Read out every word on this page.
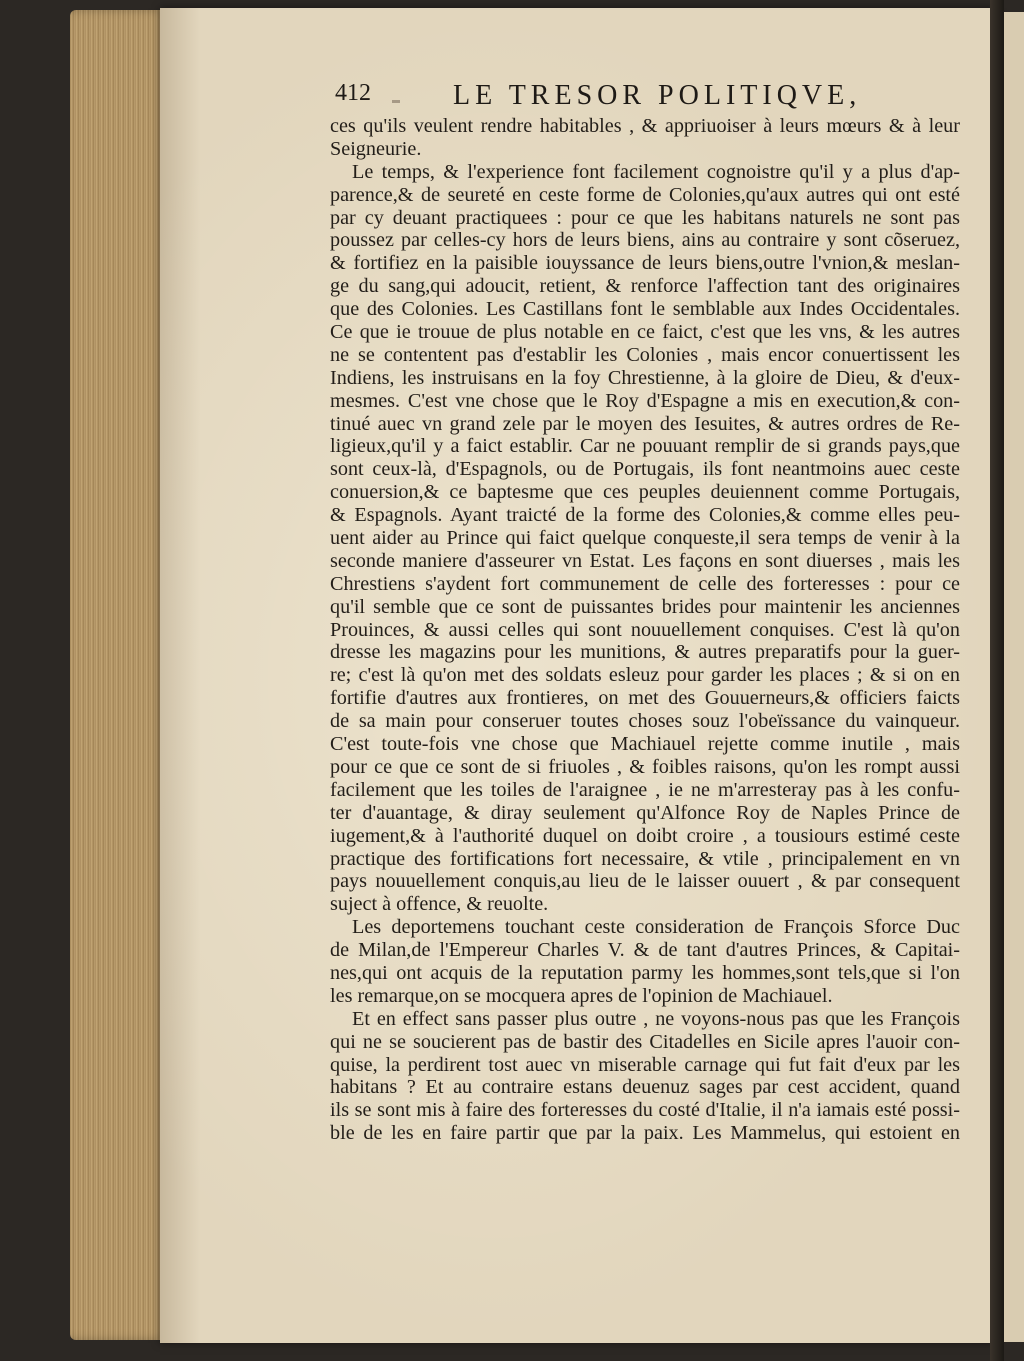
412	LE TRESOR POLITIQVE,
ces qu'ils veulent rendre habitables , & appriuoiser à leurs mœurs & à leur
Seigneurie.
Le temps, & l'experience font facilement cognoistre qu'il y a plus d'ap-
parence,& de seureté en ceste forme de Colonies,qu'aux autres qui ont esté
par cy deuant practiquees : pour ce que les habitans naturels ne sont pas
poussez par celles-cy hors de leurs biens, ains au contraire y sont cõseruez,
& fortifiez en la paisible iouyssance de leurs biens,outre l'vnion,& meslan-
ge du sang,qui adoucit, retient, & renforce l'affection tant des originaires
que des Colonies. Les Castillans font le semblable aux Indes Occidentales.
Ce que ie trouue de plus notable en ce faict, c'est que les vns, & les autres
ne se contentent pas d'establir les Colonies , mais encor conuertissent les
Indiens, les instruisans en la foy Chrestienne, à la gloire de Dieu, & d'eux-
mesmes. C'est vne chose que le Roy d'Espagne a mis en execution,& con-
tinué auec vn grand zele par le moyen des Iesuites, & autres ordres de Re-
ligieux,qu'il y a faict establir. Car ne pouuant remplir de si grands pays,que
sont ceux-là, d'Espagnols, ou de Portugais, ils font neantmoins auec ceste
conuersion,& ce baptesme que ces peuples deuiennent comme Portugais,
& Espagnols. Ayant traicté de la forme des Colonies,& comme elles peu-
uent aider au Prince qui faict quelque conqueste,il sera temps de venir à la
seconde maniere d'asseurer vn Estat. Les façons en sont diuerses , mais les
Chrestiens s'aydent fort communement de celle des forteresses : pour ce
qu'il semble que ce sont de puissantes brides pour maintenir les anciennes
Prouinces, & aussi celles qui sont nouuellement conquises. C'est là qu'on
dresse les magazins pour les munitions, & autres preparatifs pour la guer-
re; c'est là qu'on met des soldats esleuz pour garder les places ; & si on en
fortifie d'autres aux frontieres, on met des Gouuerneurs,& officiers faicts
de sa main pour conseruer toutes choses souz l'obeïssance du vainqueur.
C'est toute-fois vne chose que Machiauel rejette comme inutile , mais
pour ce que ce sont de si friuoles , & foibles raisons, qu'on les rompt aussi
facilement que les toiles de l'araignee , ie ne m'arresteray pas à les confu-
ter d'auantage, & diray seulement qu'Alfonce Roy de Naples Prince de
iugement,& à l'authorité duquel on doibt croire , a tousiours estimé ceste
practique des fortifications fort necessaire, & vtile , principalement en vn
pays nouuellement conquis,au lieu de le laisser ouuert , & par consequent
suject à offence, & reuolte.
Les deportemens touchant ceste consideration de François Sforce Duc
de Milan,de l'Empereur Charles V. & de tant d'autres Princes, & Capitai-
nes,qui ont acquis de la reputation parmy les hommes,sont tels,que si l'on
les remarque,on se mocquera apres de l'opinion de Machiauel.
Et en effect sans passer plus outre , ne voyons-nous pas que les François
qui ne se soucierent pas de bastir des Citadelles en Sicile apres l'auoir con-
quise, la perdirent tost auec vn miserable carnage qui fut fait d'eux par les
habitans ? Et au contraire estans deuenuz sages par cest accident, quand
ils se sont mis à faire des forteresses du costé d'Italie, il n'a iamais esté possi-
ble de les en faire partir que par la paix. Les Mammelus, qui estoient en
